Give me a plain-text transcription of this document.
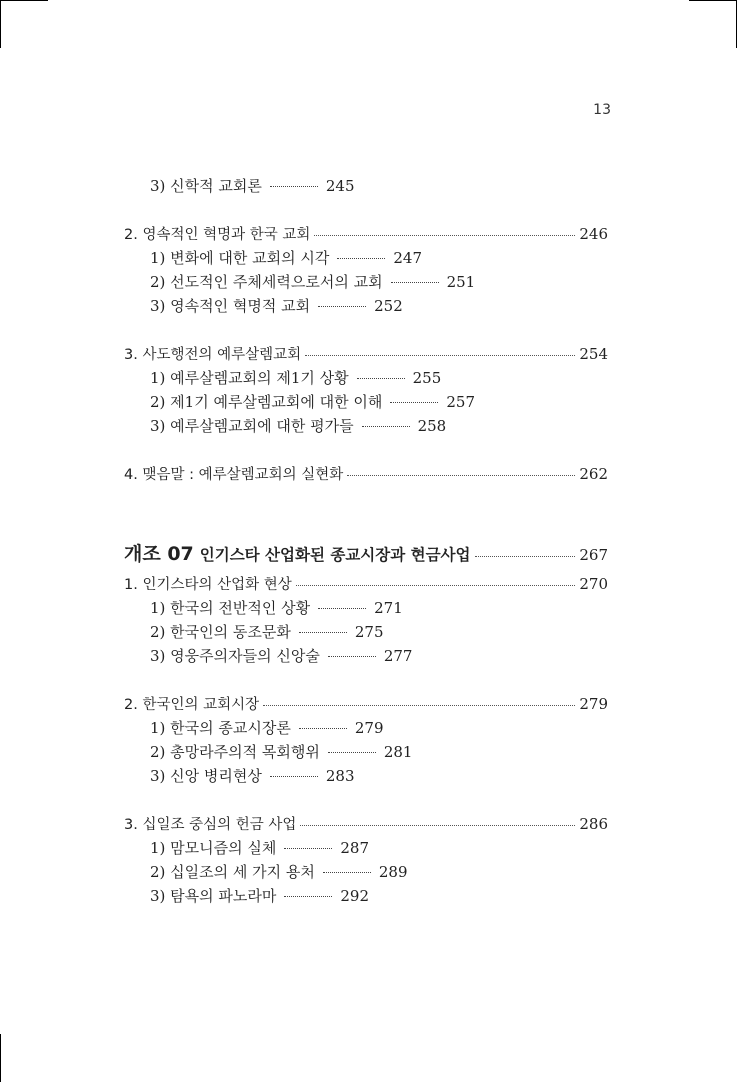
13
3) 신학적 교회론	245
2. 영속적인 혁명과 한국 교회	246
1) 변화에 대한 교회의 시각	247
2) 선도적인 주체세력으로서의 교회	251
3) 영속적인 혁명적 교회	252
3. 사도행전의 예루살렘교회	254
1) 예루살렘교회의 제1기 상황	255
2) 제1기 예루살렘교회에 대한 이해	257
3) 예루살렘교회에 대한 평가들	258
4. 맺음말 : 예루살렘교회의 실현화	262
개조 07 인기스타 산업화된 종교시장과 현금사업	267
1. 인기스타의 산업화 현상	270
1) 한국의 전반적인 상황	271
2) 한국인의 동조문화	275
3) 영웅주의자들의 신앙술	277
2. 한국인의 교회시장	279
1) 한국의 종교시장론	279
2) 총망라주의적 목회행위	281
3) 신앙 병리현상	283
3. 십일조 중심의 헌금 사업	286
1) 맘모니즘의 실체	287
2) 십일조의 세 가지 용처	289
3) 탐욕의 파노라마	292
